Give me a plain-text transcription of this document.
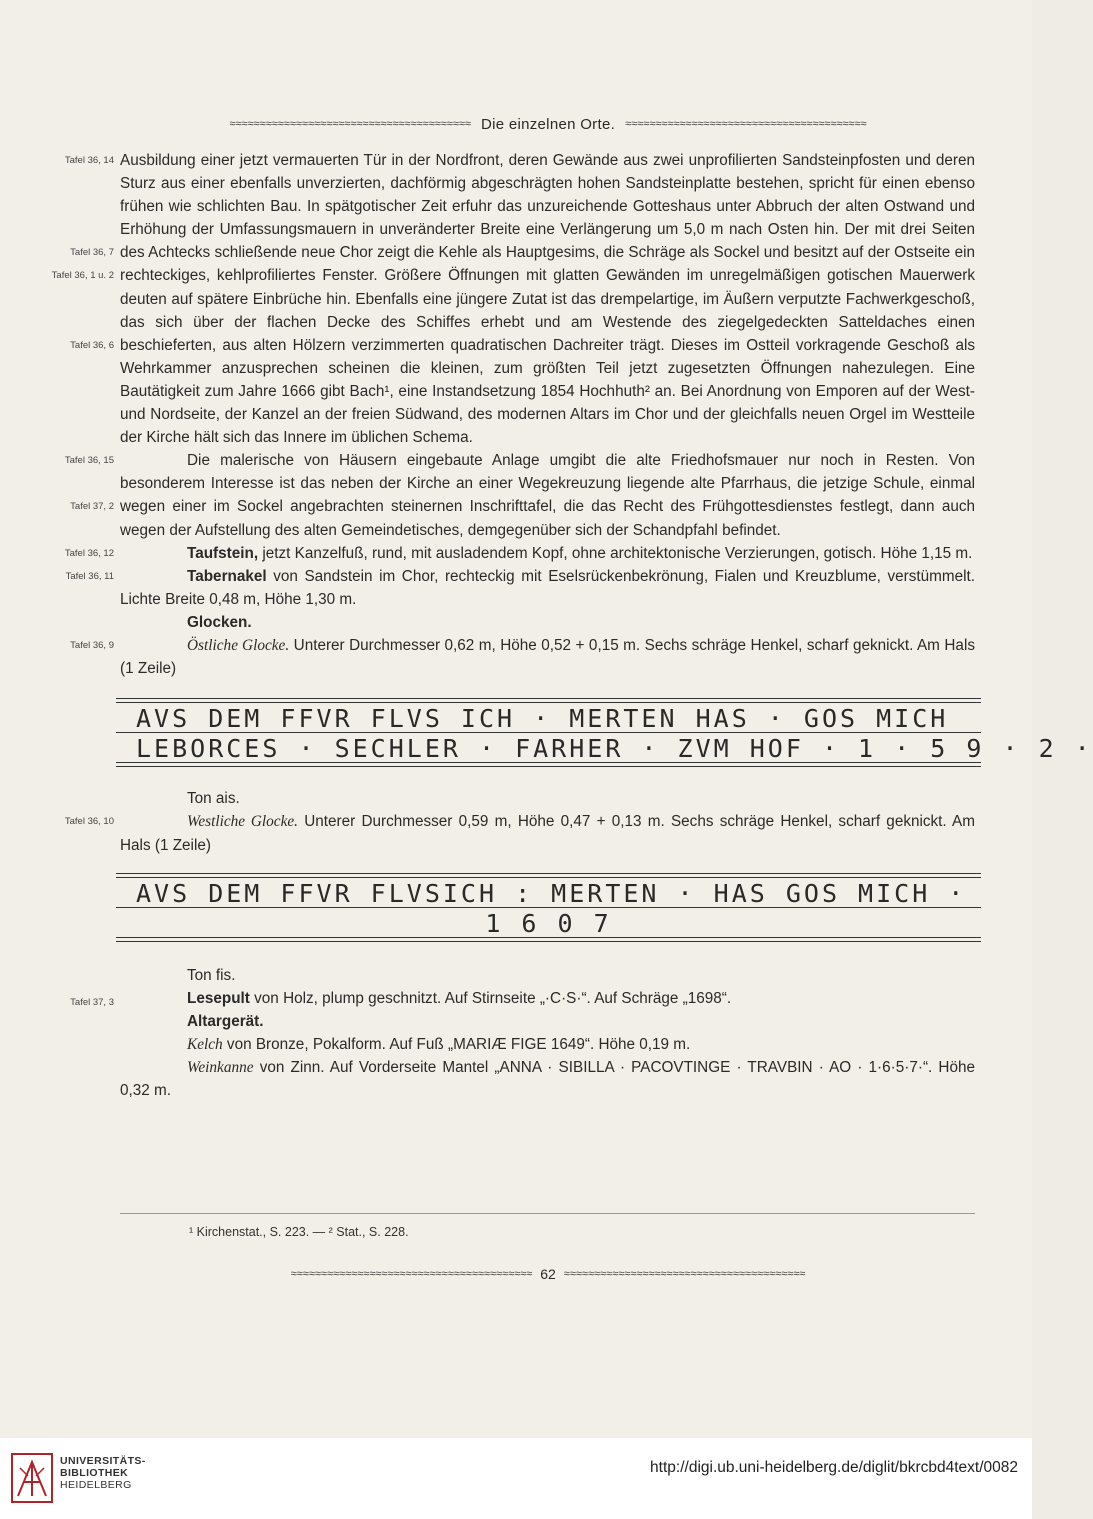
≈≈≈≈≈≈≈≈≈≈≈≈≈≈≈≈≈≈≈≈≈≈≈≈≈≈≈≈≈≈≈≈≈≈≈≈≈≈≈≈ Die einzelnen Orte. ≈≈≈≈≈≈≈≈≈≈≈≈≈≈≈≈≈≈≈≈≈≈≈≈≈≈≈≈≈≈≈≈≈≈≈≈≈≈≈≈
Tafel 36, 14
Tafel 36, 7
Tafel 36, 1 u. 2
Tafel 36, 6

Ausbildung einer jetzt vermauerten Tür in der Nordfront, deren Gewände aus zwei unprofilierten Sandsteinpfosten und deren Sturz aus einer ebenfalls unverzierten, dachförmig abgeschrägten hohen Sandsteinplatte bestehen, spricht für einen ebenso frühen wie schlichten Bau. In spätgotischer Zeit erfuhr das unzureichende Gotteshaus unter Abbruch der alten Ostwand und Erhöhung der Umfassungsmauern in unveränderter Breite eine Verlängerung um 5,0 m nach Osten hin. Der mit drei Seiten des Achtecks schließende neue Chor zeigt die Kehle als Hauptgesims, die Schräge als Sockel und besitzt auf der Ostseite ein rechteckiges, kehlprofiliertes Fenster. Größere Öffnungen mit glatten Gewänden im unregelmäßigen gotischen Mauerwerk deuten auf spätere Einbrüche hin. Ebenfalls eine jüngere Zutat ist das drempelartige, im Äußern verputzte Fachwerkgeschoß, das sich über der flachen Decke des Schiffes erhebt und am Westende des ziegelgedeckten Satteldaches einen beschieferten, aus alten Hölzern verzimmerten quadratischen Dachreiter trägt. Dieses im Ostteil vorkragende Geschoß als Wehrkammer anzusprechen scheinen die kleinen, zum größten Teil jetzt zugesetzten Öffnungen nahezulegen. Eine Bautätigkeit zum Jahre 1666 gibt Bach¹, eine Instandsetzung 1854 Hochhuth² an. Bei Anordnung von Emporen auf der West- und Nordseite, der Kanzel an der freien Südwand, des modernen Altars im Chor und der gleichfalls neuen Orgel im Westteile der Kirche hält sich das Innere im üblichen Schema.

Tafel 36, 15
Tafel 37, 2

Die malerische von Häusern eingebaute Anlage umgibt die alte Friedhofsmauer nur noch in Resten. Von besonderem Interesse ist das neben der Kirche an einer Wegekreuzung liegende alte Pfarrhaus, die jetzige Schule, einmal wegen einer im Sockel angebrachten steinernen Inschrifttafel, die das Recht des Frühgottesdienstes festlegt, dann auch wegen der Aufstellung des alten Gemeindetisches, demgegenüber sich der Schandpfahl befindet.

Tafel 36, 12	Taufstein, jetzt Kanzelfuß, rund, mit ausladendem Kopf, ohne architektonische Verzierungen, gotisch. Höhe 1,15 m.

Tafel 36, 11	Tabernakel von Sandstein im Chor, rechteckig mit Eselsrückenbekrönung, Fialen und Kreuzblume, verstümmelt. Lichte Breite 0,48 m, Höhe 1,30 m.

Glocken.

Tafel 36, 9	Östliche Glocke. Unterer Durchmesser 0,62 m, Höhe 0,52 + 0,15 m. Sechs schräge Henkel, scharf geknickt. Am Hals (1 Zeile)

AVS DEM FFVR FLVS ICH · MERTEN HAS · GOS MICH
LEBORCES · SECHLER · FARHER · ZVM HOF · 1 · 5 9 · 2 ·

Ton ais.

Tafel 36, 10	Westliche Glocke. Unterer Durchmesser 0,59 m, Höhe 0,47 + 0,13 m. Sechs schräge Henkel, scharf geknickt. Am Hals (1 Zeile)

AVS DEM FFVR FLVSICH : MERTEN · HAS GOS MICH ·
1 6 0 7

Ton fis.

Tafel 37, 3	Lesepult von Holz, plump geschnitzt. Auf Stirnseite „·C·S·“. Auf Schräge „1698“.

Altargerät.

Kelch von Bronze, Pokalform. Auf Fuß „MARIÆ FIGE 1649“. Höhe 0,19 m.

Weinkanne von Zinn. Auf Vorderseite Mantel „ANNA · SIBILLA · PACOVTINGE · TRAVBIN · AO · 1·6·5·7·“. Höhe 0,32 m.

¹ Kirchenstat., S. 223. — ² Stat., S. 228.
≈≈≈≈≈≈≈≈≈≈≈≈≈≈≈≈≈≈≈≈≈≈≈≈≈≈≈≈≈≈≈≈≈≈≈≈≈≈≈≈ 62 ≈≈≈≈≈≈≈≈≈≈≈≈≈≈≈≈≈≈≈≈≈≈≈≈≈≈≈≈≈≈≈≈≈≈≈≈≈≈≈≈
UNIVERSITÄTS-
BIBLIOTHEK
HEIDELBERG
http://digi.ub.uni-heidelberg.de/diglit/bkrcbd4text/0082
